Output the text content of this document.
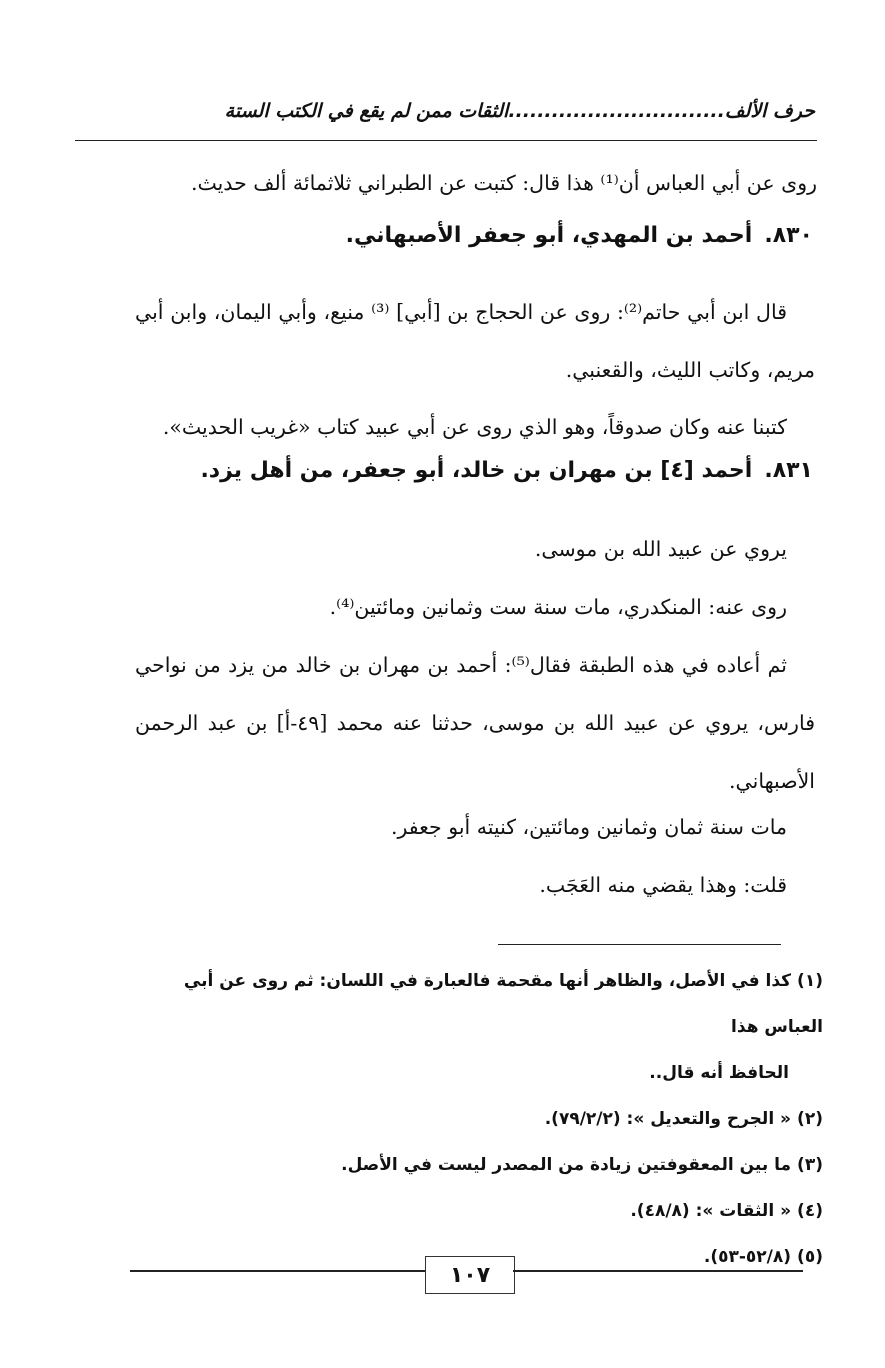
حرف الألف..............................الثقات ممن لم يقع في الكتب الستة

روى عن أبي العباس أن⁽¹⁾ هذا قال: كتبت عن الطبراني ثلاثمائة ألف حديث.

٨٣٠.أحمد بن المهدي، أبو جعفر الأصبهاني.

قال ابن أبي حاتم⁽²⁾: روى عن الحجاج بن [أبي] ⁽³⁾ منيع، وأبي اليمان، وابن أبي مريم، وكاتب الليث، والقعنبي.

كتبنا عنه وكان صدوقاً، وهو الذي روى عن أبي عبيد كتاب «غريب الحديث».

٨٣١.أحمد [٤] بن مهران بن خالد، أبو جعفر، من أهل يزد.

يروي عن عبيد الله بن موسى.

روى عنه: المنكدري، مات سنة ست وثمانين ومائتين⁽⁴⁾.

ثم أعاده في هذه الطبقة فقال⁽⁵⁾: أحمد بن مهران بن خالد من يزد من نواحي فارس، يروي عن عبيد الله بن موسى، حدثنا عنه محمد [٤٩-أ] بن عبد الرحمن الأصبهاني.

مات سنة ثمان وثمانين ومائتين، كنيته أبو جعفر.

قلت: وهذا يقضي منه العَجَب.

(١)كذا في الأصل، والظاهر أنها مقحمة فالعبارة في اللسان: ثم روى عن أبي العباس هذا

الحافظ أنه قال..

(٢)« الجرح والتعديل »: (٧٩/٢/٢).

(٣)ما بين المعقوفتين زيادة من المصدر ليست في الأصل.

(٤)« الثقات »: (٤٨/٨).

(٥)(٥٢/٨-٥٣).

١٠٧
